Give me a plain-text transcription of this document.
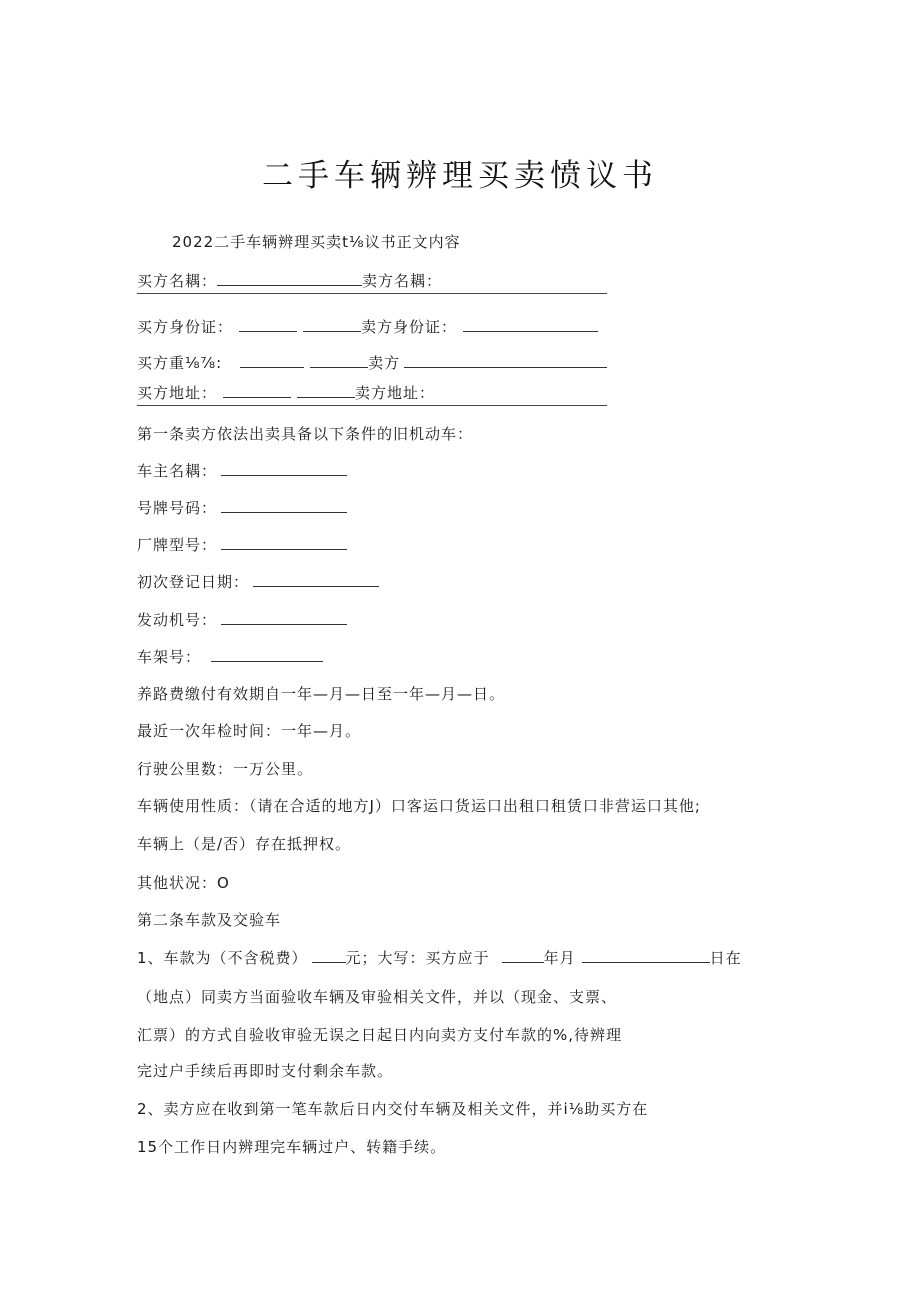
二手车辆辨理买卖愤议书
2022二手车辆辨理买卖t⅛议书正文内容
买方名耦：	卖方名耦：
买方身份证：	卖方身份证：
买方重⅛⅞:	卖方
买方地址：	卖方地址：
第一条卖方依法出卖具备以下条件的旧机动车：
车主名耦：
号牌号码：
厂牌型号：
初次登记日期：
发动机号：
车架号：
养路费缴付有效期自一年—月—日至一年—月—日。
最近一次年检时间：一年—月。
行驶公里数：一万公里。
车辆使用性质：（请在合适的地方J）口客运口货运口出租口租赁口非营运口其他;
车辆上（是/否）存在抵押权。
其他状况：O
第二条车款及交验车
1、车款为（不含税费）	元；大写：买方应于	年月	日在
（地点）同卖方当面验收车辆及审验相关文件，并以（现金、支票、
汇票）的方式自验收审验无误之日起日内向卖方支付车款的%,待辨理
完过户手续后再即时支付剩余车款。
2、卖方应在收到第一笔车款后日内交付车辆及相关文件，并i⅛助买方在
15个工作日内辨理完车辆过户、转籍手续。
